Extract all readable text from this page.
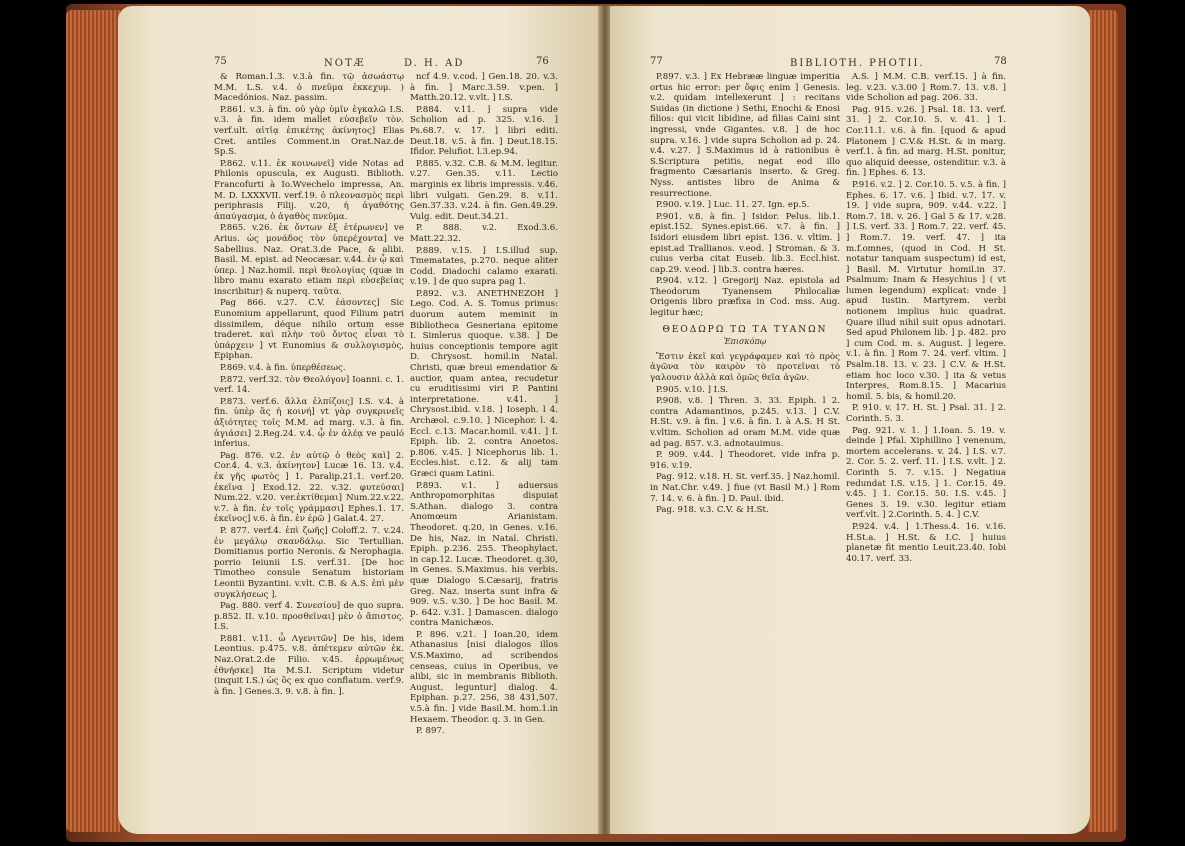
75	NOTÆ	D. H. AD	76

& Roman.1.3. v.3.à fin. τῷ ἀσωάστῳ M.M. L.S. v.4. ὁ πνεῦμα ἐκκεχυμ. ) Macedónios. Naz. passim.

P.861. v.3. à fin. οὐ γὰρ ὑμῖν ἐγκαλῶ I.S. v.3. à fin. idem mallet εὐσεβεῖν τὸν. verf.ult. αἰτί̇ᾳ ἐπικέτης ἀκίνητος] Elias Cret. antiles Comment.in Orat.Naz.de Sp.S.

P.862. v.11. ἐκ κοινωνεῖ] vide Notas ad Philonis opuscula, ex Augusti. Biblioth. Francofurti à Io.Wvechelo impressa, An. M. D. LXXXVII. verf.19. ὁ πλεονασμὸς περὶ periphrasis Filij. v.20, ἡ ἀγαθότης ἀπαύγασμα, ὁ ἀγαθὸς πνεῦμα.

P.865. v.26. ἐκ ὄντων ἐξ ἑτέρωνεν] ve Arius. ὡς μονάδος τὸν ὑπερέχοντα] ve Sabellius. Naz. Orat.3.de Pace, & alibi. Basil. M. epist. ad Neocæsar. v.44. ἐν ᾧ καὶ ὑπερ. ] Naz.homil. περὶ θεολογίας (quæ in libro manu exarato etiam περὶ εὐσεβείας inscribitur) & nuperq. ταῦτα.

Pag 866. v.27. C.V. ἐάσοντες] Sic Eunomium appellarunt, quod Filium patri dissimilem, déque nihilo ortum esse traderet. καὶ πλὴν τοῦ ὄντος εἶναι τὸ ὑπάρχειν ] vt Eunomius & συλλογισμὸς, Epiphan.

P.869. v.4. à fin. ὑπερθέσεως.

P.872. verf.32. τὸν Θεολόγον] Ioanni. c. 1. verf. 14.

P.873. verf.6. ἄλλα ἐλπίζοις] I.S. v.4. à fin. ὑπὲρ ἃς ἡ κοινή] vt γὰρ συγκρινεῖς ἀξιότητες τοῖς M.M. ad marg. v.3. à fin. ἀγιάσει] 2.Reg.24. v.4. ᾧ ἐν ἀλέᾳ ve pauló inferius.

Pag. 876. v.2. ἐν αὐτῷ ὁ θεὸς καὶ] 2. Cor.4. 4. v.3. ἀκίνητον] Lucæ 16. 13. v.4. ἐκ γῆς φωτὸς ] 1. Paralip.21.1. verf.20. ἐκεῖνα ] Exod.12. 22. v.32. φυτεύσαι] Num.22. v.20. ver.ἐκτίθεμαι] Num.22.v.22. v.7. à fin. ἐν τοῖς γράμμασι] Ephes.1. 17. ἐκεῖνος] v.6. à fin. ἐν ἐρῶ ] Galat.4. 27.

P. 877. verf.4. ἐπὶ ζωῆς] Coloff.2. 7. v.24. ἐν μεγάλῳ σκανδάλῳ. Sic Tertullian. Domitianus portio Neronis. & Nerophagia. porrio Ieiunii I.S. verf.31. [De hoc Timotheo consule Senatum historiam Leontii Byzantini. v.vlt. C.B. & A.S. ἐπὶ μὲν συγκλήσεως ].

Pag. 880. verf 4. Συνεσίου] de quo supra. p.852. II. v.10. προσθεῖναι] μὲν ὁ ἄπιστος. I.S.

P.881. v.11. ὦ Λγενιτῶν] De his, idem Leontius. p.475. v.8. ἀπέτεμεν αὐτῶν ἐκ. Naz.Orat.2.de Filio. v.45. ἐρρωμένως ἐθνήσκε] Ita M.S.I. Scriptum videtur (inquit I.S.) ὡς ὃς ex quo conflatum. verf.9. à fin. ] Genes.3. 9. v.8. à fin. ].

ncf 4.9. v.cod. ] Gen.18. 20. v.3. à fin. ] Marc.3.59. v.pen. ] Matth.20.12. v.vlt. ] I.S.

P.884. v.11. ] supra vide Scholion ad p. 325. v.16. ] Ps.68.7. v. 17. ] libri editi. Deut.18. v.5. à fin. ] Deut.18.15. Ifidor. Pelufiot. l.3.ep.94.

P.885. v.32. C.B. & M.M. legitur. v.27. Gen.35. v.11. Lectio marginis ex libris impressis. v.46. libri vulgati. Gen.29. 8. v.11. Gen.37.33. v.24. à fin. Gen.49.29. Vulg. edit. Deut.34.21.

P. 888. v.2. Exod.3.6. Matt.22.32.

P.889. v.15. ] I.S.illud sup. Tmematates, p.270. neque aliter Codd. Diadochi calamo exarati. v.19. ] de quo supra pag 1.

P.892. v.3. ΑΝΕΤΗΝΕΖΟΗ ] Lego. Cod. A. S. Tomus primus: duorum autem meminit in Bibliotheca Gesneriana epitome I. Simlerus quoque. v.38. ] De huius conceptionis tempore agit D. Chrysost. homil.in Natal. Christi, quæ breui emendatior & auctior, quam antea, recudetur cu eruditissimi viri P. Pantini interpretatione. v.41. ] Chrysost.ibid. v.18. ] Ioseph. l 4. Archæol. c.9.10. ] Nicephor. l. 4. Eccl. c.13. Macar.homil. v.41. ] I. Epiph. lib. 2. contra Anoetos. p.806. v.45. ] Nicephorus lib. 1. Eccles.hist. c.12. & alij tam Græci quam Latini.

P.893. v.1. ] aduersus Anthropomorphitas dispuiat S.Athan. dialogo 3. contra Anomœum Arianistam. Theodoret. q.20, in Genes. v.16. De his, Naz. in Natal. Christi. Epiph. p.236. 255. Theophylact. in cap.12. Lucæ. Theodoret. q.30, in Genes. S.Maximus. his verbis. quæ Dialogo S.Cæsarij, fratris Greg. Naz. inserta sunt infra & 909. v.5. v.30. ] De hoc Basil. M. p. 642. v.31. ] Damascen. dialogo contra Manichæos.

P. 896. v.21. ] Ioan.20, idem Athanasius [nisi dialogos illos V.S.Maximo, ad scribendos censeas, cuius in Operibus, ve alibi, sic in membranis Biblioth. August. leguntur] dialog. 4. Epiphan. p.27. 256, 38 431,507. v.5.à fin. ] vide Basil.M. hom.1.in Hexaem. Theodor. q. 3. in Gen.

P. 897.

77	BIBLIOTH. PHOTII.	78

P.897. v.3. ] Ex Hebrææ linguæ imperitia ortus hic error: per ὄφις enim ] Genesis. v.2. quidam intellexerunt ] : recitans Suidas (in dictione ) Sethi, Enochi & Enosi filios: qui vicit libidine, ad filias Caini sint ingressi, vnde Gigantes. v.8. ] de hoc supra. v.16. ] vide supra Scholion ad p. 24. v.4. v.27. ] S.Maximus id à rationibus è S.Scriptura petitis, negat eod illo fragmento Cæsarianis inserto. & Greg. Nyss. antistes libro de Anima & resurrectione.

P.900. v.19. ] Luc. 11. 27. Ign. ep.5.

P.901. v.8. à fin. ] Isidor. Pelus. lib.1. epist.152. Synes.epist.66. v.7. à fin. ] Isidori eiusdem libri epist. 136. v. vltim. ] epist.ad Trallianos. v.eod. ] Stroman. & 3. cuius verba citat Euseb. lib.3. Eccl.hist. cap.29. v.eod. ] lib.3. contra hæres.

P.904. v.12. ] Gregorij Naz. epistola ad Theodorum Tyanensem Philocaliæ Origenis libro præfixa in Cod. mss. Aug. legitur hæc;

ΘΕΟΔΩΡΩ ΤΩ ΤΑ ΤΥΑΝΩΝ
Ἐπισκόπῳ

Ἔστιν ἐκεῖ καὶ γεγράφαμεν καὶ τὸ πρὸς ἀγῶνα τὸν καιρὸν τὸ προτεῖναι τὸ γαλουσιν ἀλλὰ καὶ ὁμῶς θεῖα ἀγῶν.

P.905. v.10. ] I.S.

P.908. v.8. ] Thren. 3. 33. Epiph. l 2. contra Adamantinos, p.245. v.13. ] C.V. H.St. v.9. à fin. ] v.6. à fin. I. à A.S. H St. v.vltim. Scholion ad oram M.M. vide quæ ad pag. 857. v.3. adnotauimus.

P. 909. v.44. ] Theodoret. vide infra p. 916. v.19.

Pag. 912. v.18. H. St. verf.35. ] Naz.homil. in Nat.Chr. v.49. ] fiue (vt Basil M.) ] Rom 7. 14. v. 6. à fin. ] D. Paul. ibid.

Pag. 918. v.3. C.V. & H.St.

A.S. ] M.M. C.B. verf.15. ] à fin. leg. v.23. v.3.00 ] Rom.7. 13. v.8. ] vide Scholion ad pag. 206. 33.

Pag. 915. v.26. ] Psal. 18. 13. verf. 31. ] 2. Cor.10. 5. v. 41. ] 1. Cor.11.1. v.6. à fin. [quod & apud Platonem ] C.V.& H.St. & in marg. verf.1. à fin. ad marg. H.St. ponitur, quo aliquid deesse, ostenditur. v.3. à fin. ] Ephes. 6. 13.

P.916. v.2. ] 2. Cor.10. 5. v.5. à fin. ] Ephes. 6. 17. v.6. ] Ibid. v.7. 17. v. 19. ] vide supra, 909. v.44. v.22. ] Rom.7. 18. v. 26. ] Gal 5 & 17. v.28. ] I.S. verf. 33. ] Rom.7. 22. verf. 45. ] Rom.7. 19. verf. 47. ] ita m.f.omnes, (quod in Cod. H St. notatur tanquam suspectum) id est, ] Basil. M. Virtutur homil.in 37. Psalmum: Inam & Hesychius ] ( vt lumen legendum) explicat: vnde ] apud Iustin. Martyrem. verbi notionem implius huic quadrat. Quare illud nihil suit opus adnotari. Sed apud Philonem lib. ] p. 482. pro ] cum Cod. m. s. August. ] legere. v.1. à fin. ] Rom 7. 24. verf. vltim. ] Psalm.18. 13. v. 23. ] C.V. & H.St. etiam hoc loco v.30. ] ita & vetus Interpres, Rom.8.15. ] Macarius homil. 5. bis, & homil.20.

P. 910. v. 17. H. St. ] Psal. 31. ] 2. Corinth. 5. 3.

Pag. 921. v. 1. ] 1.Ioan. 5. 19. v. deinde ] Pfal. Xiphillino ] venenum, mortem accelerans. v. 24. ] I.S. v.7. 2. Cor. 5. 2. verf. 11. ] I.S. v.vlt. ] 2. Corinth 5. 7. v.15. ] Negatiua redundat I.S. v.15. ] 1. Cor.15. 49. v.45. ] 1. Cor.15. 50. I.S. v.45. ] Genes 3. 19. v.30. legitur etiam verf.vlt. ] 2.Corinth. 5. 4. ] C.V.

P.924. v.4. ] 1.Thess.4. 16. v.16. H.St.a. ] H.St. & I.C. ] huius planetæ fit mentio Leuit.23.40. Iobi 40.17. verf. 33.
